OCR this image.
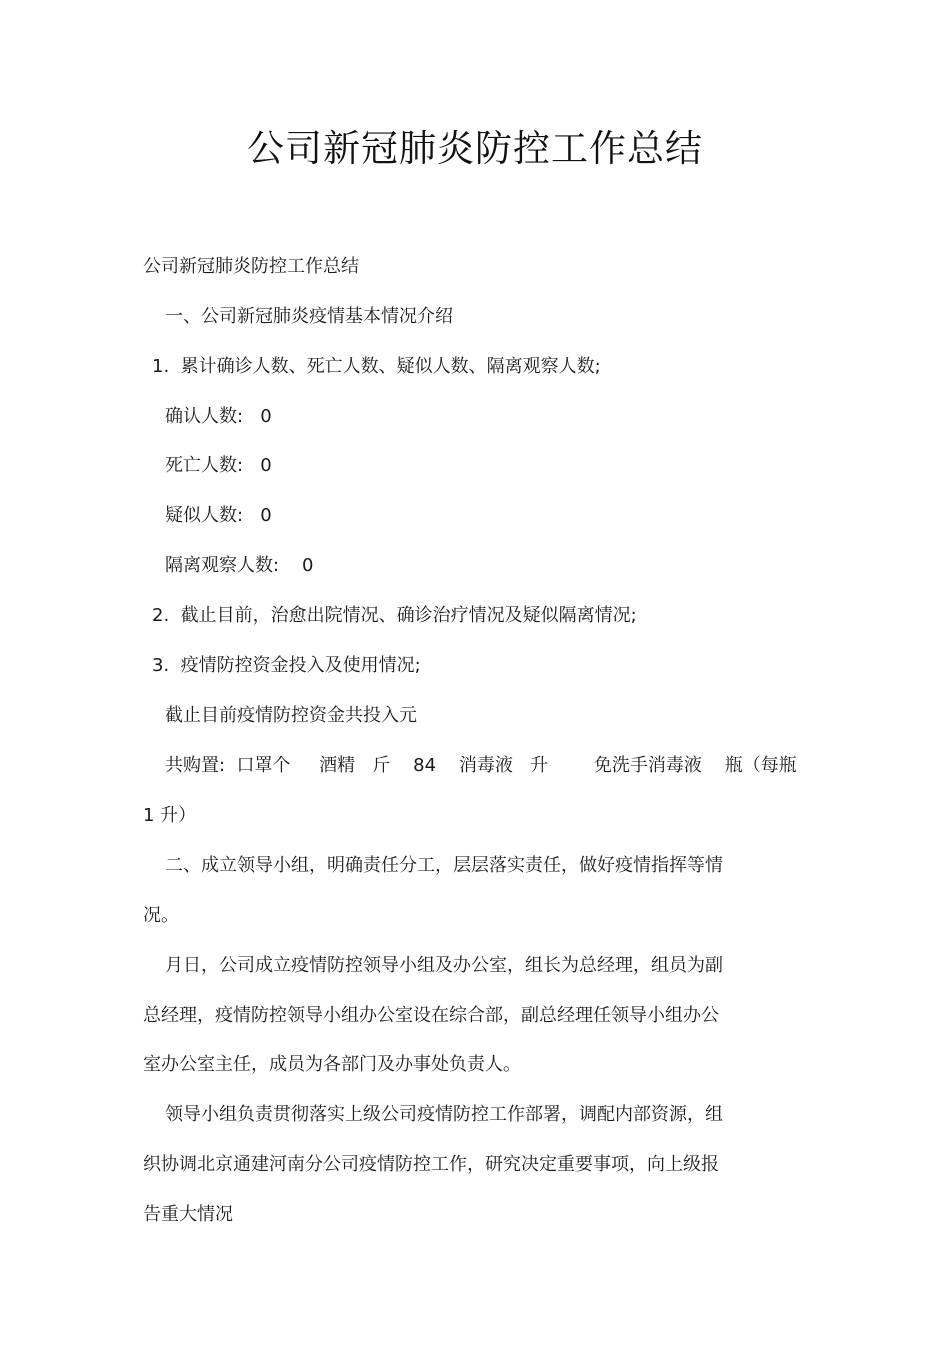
公司新冠肺炎防控工作总结
公司新冠肺炎防控工作总结
一、公司新冠肺炎疫情基本情况介绍
1.  累计确诊人数、死亡人数、疑似人数、隔离观察人数;
确认人数:   0
死亡人数:   0
疑似人数:   0
隔离观察人数:    0
2.  截止目前，治愈出院情况、确诊治疗情况及疑似隔离情况;
3.  疫情防控资金投入及使用情况;
截止目前疫情防控资金共投入元
共购置:  口罩个     酒精   斤    84    消毒液   升        免洗手消毒液    瓶（每瓶
1 升）
二、成立领导小组，明确责任分工，层层落实责任，做好疫情指挥等情
况。
月日，公司成立疫情防控领导小组及办公室，组长为总经理，组员为副
总经理，疫情防控领导小组办公室设在综合部，副总经理任领导小组办公
室办公室主任，成员为各部门及办事处负责人。
领导小组负责贯彻落实上级公司疫情防控工作部署，调配内部资源，组
织协调北京通建河南分公司疫情防控工作，研究决定重要事项，向上级报
告重大情况
